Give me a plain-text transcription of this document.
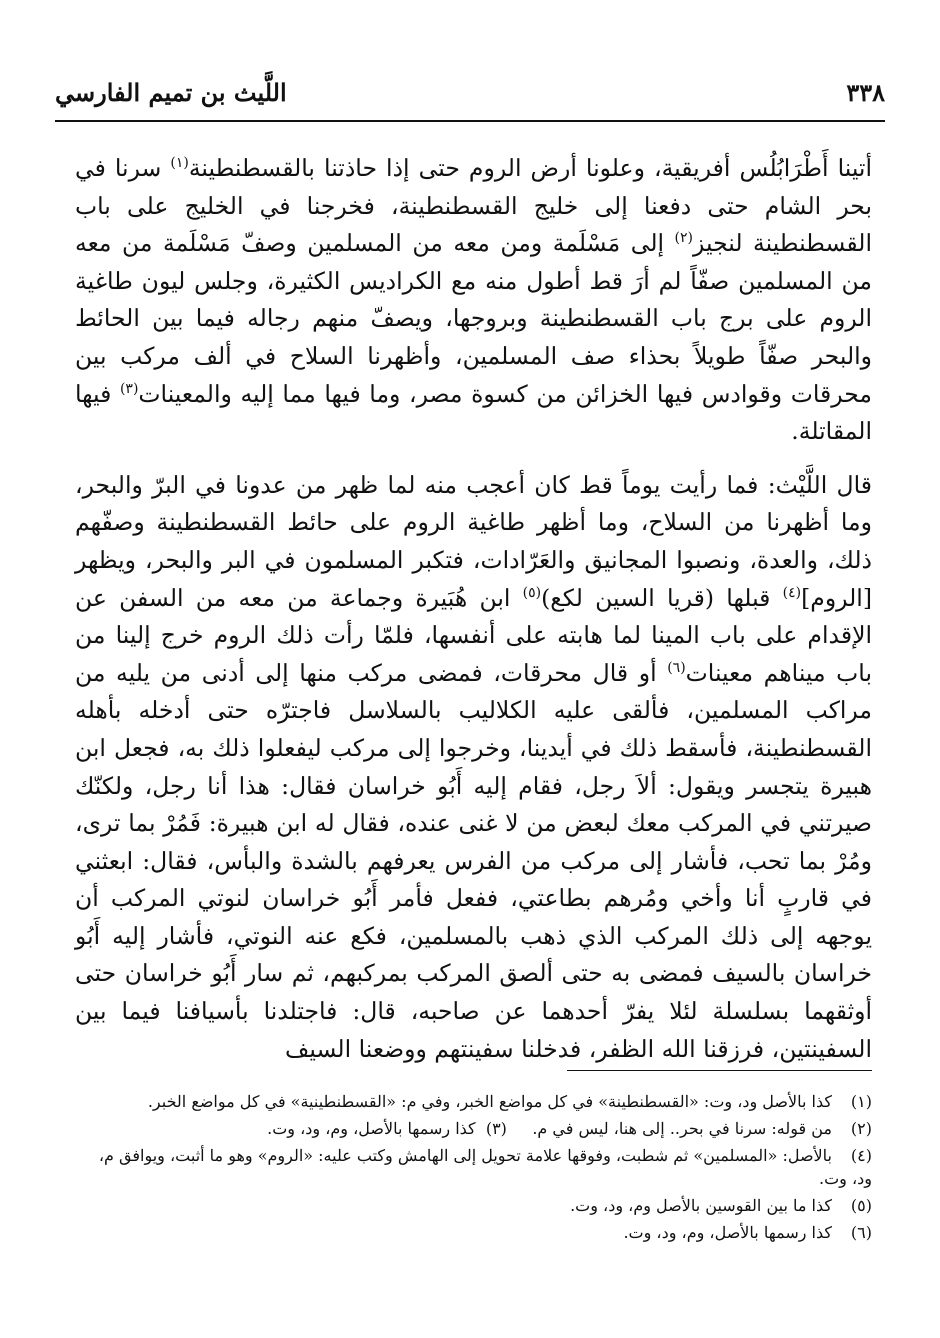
٣٣٨
اللَّيث بن تميم الفارسي

أتينا أَطْرَابُلُس أفريقية، وعلونا أرض الروم حتى إذا حاذتنا بالقسطنطينة$^{(١)}$ سرنا في بحر الشام حتى دفعنا إلى خليج القسطنطينة، فخرجنا في الخليج على باب القسطنطينة لنجيز$^{(٢)}$ إلى مَسْلَمة ومن معه من المسلمين وصفّ مَسْلَمة من معه من المسلمين صفّاً لم أرَ قط أطول منه مع الكراديس الكثيرة، وجلس ليون طاغية الروم على برج باب القسطنطينة وبروجها، ويصفّ منهم رجاله فيما بين الحائط والبحر صفّاً طويلاً بحذاء صف المسلمين، وأظهرنا السلاح في ألف مركب بين محرقات وقوادس فيها الخزائن من كسوة مصر، وما فيها مما إليه والمعينات$^{(٣)}$ فيها المقاتلة.

قال اللَّيْث: فما رأيت يوماً قط كان أعجب منه لما ظهر من عدونا في البرّ والبحر، وما أظهرنا من السلاح، وما أظهر طاغية الروم على حائط القسطنطينة وصفّهم ذلك، والعدة، ونصبوا المجانيق والعَرّادات، فتكبر المسلمون في البر والبحر، ويظهر [الروم]$^{(٤)}$ قبلها (قريا السين لكع)$^{(٥)}$ ابن هُبَيرة وجماعة من معه من السفن عن الإقدام على باب المينا لما هابته على أنفسها، فلمّا رأت ذلك الروم خرج إلينا من باب ميناهم معينات$^{(٦)}$ أو قال محرقات، فمضى مركب منها إلى أدنى من يليه من مراكب المسلمين، فألقى عليه الكلاليب بالسلاسل فاجترّه حتى أدخله بأهله القسطنطينة، فأسقط ذلك في أيدينا، وخرجوا إلى مركب ليفعلوا ذلك به، فجعل ابن هبيرة يتجسر ويقول: ألاَ رجل، فقام إليه أَبُو خراسان فقال: هذا أنا رجل، ولكنّك صيرتني في المركب معك لبعض من لا غنى عنده، فقال له ابن هبيرة: فَمُرْ بما ترى، ومُرْ بما تحب، فأشار إلى مركب من الفرس يعرفهم بالشدة والبأس، فقال: ابعثني في قاربٍ أنا وأخي ومُرهم بطاعتي، ففعل فأمر أَبُو خراسان لنوتي المركب أن يوجهه إلى ذلك المركب الذي ذهب بالمسلمين، فكع عنه النوتي، فأشار إليه أَبُو خراسان بالسيف فمضى به حتى ألصق المركب بمركبهم، ثم سار أَبُو خراسان حتى أوثقهما بسلسلة لئلا يفرّ أحدهما عن صاحبه، قال: فاجتلدنا بأسيافنا فيما بين السفينتين، فرزقنا الله الظفر، فدخلنا سفينتهم ووضعنا السيف

(١)كذا بالأصل ود، وت: «القسطنطينة» في كل مواضع الخبر، وفي م: «القسطنطينية» في كل مواضع الخبر.

(٢)من قوله: سرنا في بحر.. إلى هنا، ليس في م.     (٣)  كذا رسمها بالأصل، وم، ود، وت.

(٤)بالأصل: «المسلمين» ثم شطبت، وفوقها علامة تحويل إلى الهامش وكتب عليه: «الروم» وهو ما أثبت، ويوافق م، ود، وت.

(٥)كذا ما بين القوسين بالأصل وم، ود، وت.

(٦)كذا رسمها بالأصل، وم، ود، وت.
